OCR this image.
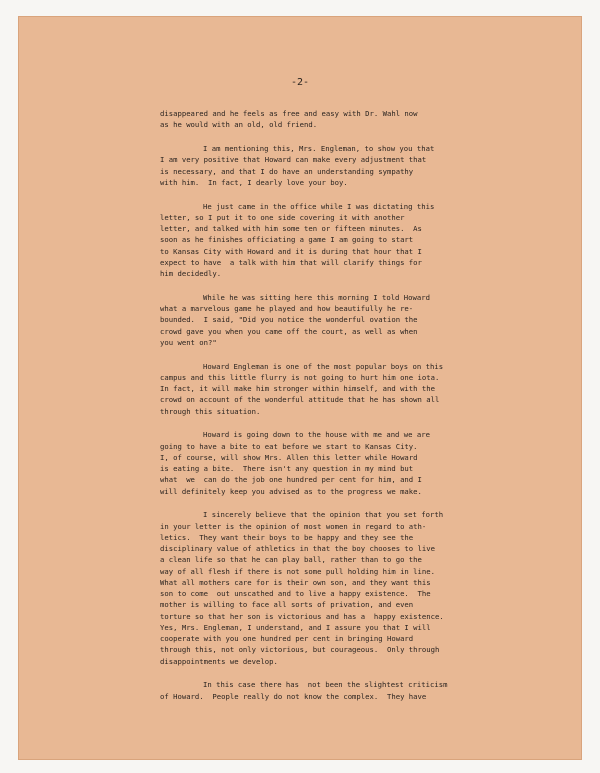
-2-

disappeared and he feels as free and easy with Dr. Wahl now
as he would with an old, old friend.
I am mentioning this, Mrs. Engleman, to show you that
I am very positive that Howard can make every adjustment that
is necessary, and that I do have an understanding sympathy
with him.  In fact, I dearly love your boy.
He just came in the office while I was dictating this
letter, so I put it to one side covering it with another
letter, and talked with him some ten or fifteen minutes.  As
soon as he finishes officiating a game I am going to start
to Kansas City with Howard and it is during that hour that I
expect to have  a talk with him that will clarify things for
him decidedly.
While he was sitting here this morning I told Howard
what a marvelous game he played and how beautifully he re-
bounded.  I said, "Did you notice the wonderful ovation the
crowd gave you when you came off the court, as well as when
you went on?"
Howard Engleman is one of the most popular boys on this
campus and this little flurry is not going to hurt him one iota.
In fact, it will make him stronger within himself, and with the
crowd on account of the wonderful attitude that he has shown all
through this situation.
Howard is going down to the house with me and we are
going to have a bite to eat before we start to Kansas City.
I, of course, will show Mrs. Allen this letter while Howard
is eating a bite.  There isn't any question in my mind but
what  we  can do the job one hundred per cent for him, and I
will definitely keep you advised as to the progress we make.
I sincerely believe that the opinion that you set forth
in your letter is the opinion of most women in regard to ath-
letics.  They want their boys to be happy and they see the
disciplinary value of athletics in that the boy chooses to live
a clean life so that he can play ball, rather than to go the
way of all flesh if there is not some pull holding him in line.
What all mothers care for is their own son, and they want this
son to come  out unscathed and to live a happy existence.  The
mother is willing to face all sorts of privation, and even
torture so that her son is victorious and has a  happy existence.
Yes, Mrs. Engleman, I understand, and I assure you that I will
cooperate with you one hundred per cent in bringing Howard
through this, not only victorious, but courageous.  Only through
disappointments we develop.
In this case there has  not been the slightest criticism
of Howard.  People really do not know the complex.  They have
